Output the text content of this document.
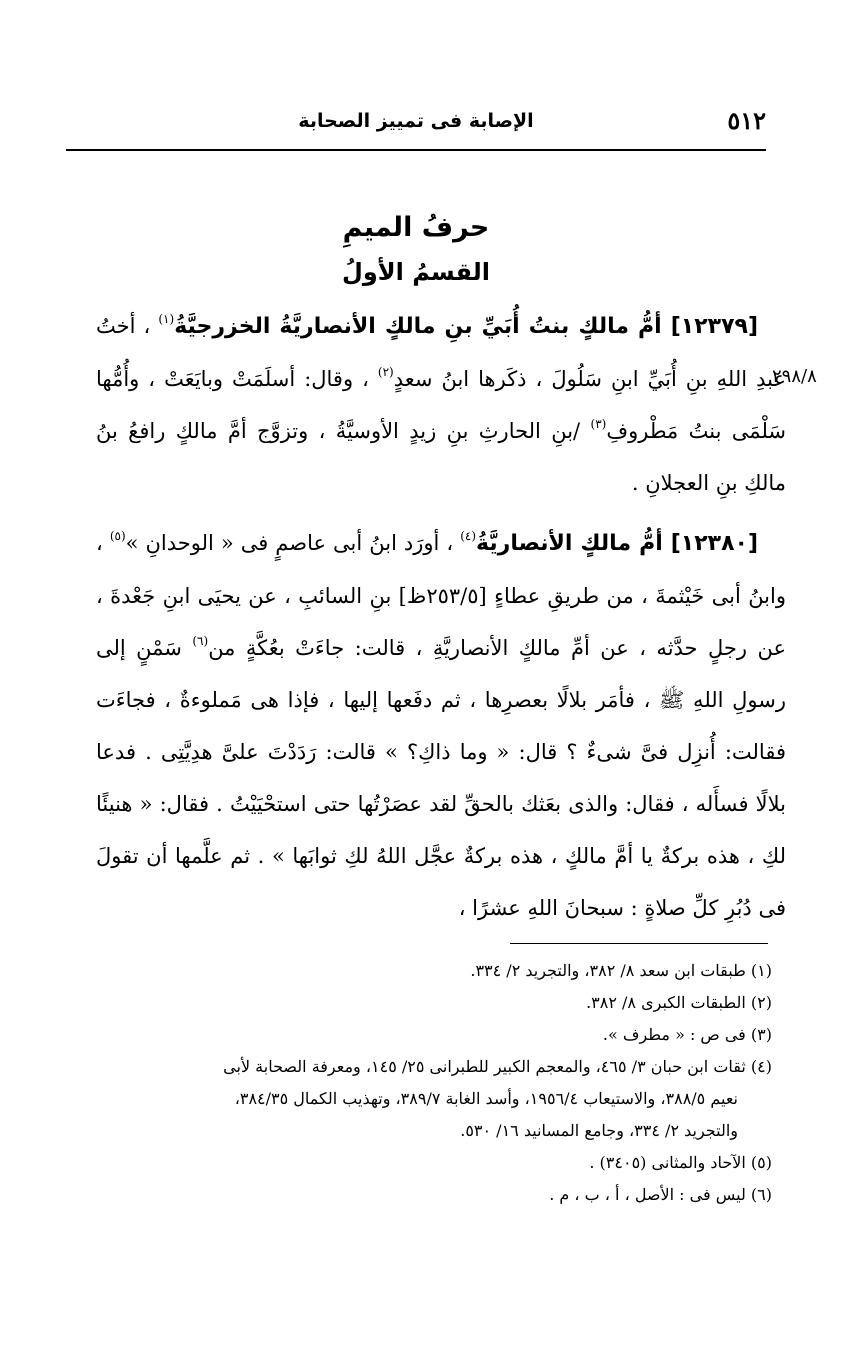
٥١٢
الإصابة فى تمييز الصحابة
حرفُ الميمِ
القسمُ الأولُ
٢٩٨/٨

[١٢٣٧٩] أمُّ مالكٍ بنتُ أُبَيِّ بنِ مالكٍ الأنصاريَّةُ الخزرجيَّةُ$^{(١)}$ ، أختُ عبدِ اللهِ بنِ أُبَيِّ ابنِ سَلُولَ ، ذكَرها ابنُ سعدٍ$^{(٢)}$ ، وقال: أسلَمَتْ وبايَعَتْ ، وأُمُّها سَلْمَى بنتُ مَطْروفِ$^{(٣)}$ /بنِ الحارثِ بنِ زيدٍ الأوسيَّةُ ، وتزوَّج أمَّ مالكٍ رافعُ بنُ مالكِ بنِ العجلانِ .

[١٢٣٨٠] أمُّ مالكٍ الأنصاريَّةُ$^{(٤)}$ ، أورَد ابنُ أبى عاصمٍ فى « الوحدانِ »$^{(٥)}$ ، وابنُ أبى خَيْثمةَ ، من طريقِ عطاءٍ [٢٥٣/٥ظ] بنِ السائبِ ، عن يحيَى ابنِ جَعْدةَ ، عن رجلٍ حدَّثه ، عن أمِّ مالكٍ الأنصاريَّةِ ، قالت: جاءَتْ بعُكَّةٍ من$^{(٦)}$ سَمْنٍ إلى رسولِ اللهِ ﷺ ، فأمَر بلالًا بعصرِها ، ثم دفَعها إليها ، فإذا هى مَملوءةٌ ، فجاءَت فقالت: أُنزِل فىَّ شىءٌ ؟ قال: « وما ذاكِ؟ » قالت: رَدَدْتَ علىَّ هدِيَّتِى . فدعا بلالًا فسأَله ، فقال: والذى بعَثك بالحقِّ لقد عصَرْتُها حتى استحْيَيْتُ . فقال: « هنيئًا لكِ ، هذه بركةٌ يا أمَّ مالكٍ ، هذه بركةٌ عجَّل اللهُ لكِ ثوابَها » . ثم علَّمها أن تقولَ فى دُبُرِ كلِّ صلاةٍ : سبحانَ اللهِ عشرًا ،

(١) طبقات ابن سعد ٨/ ٣٨٢، والتجريد ٢/ ٣٣٤.
(٢) الطبقات الكبرى ٨/ ٣٨٢.
(٣) فى ص : « مطرف ».
(٤) ثقات ابن حبان ٣/ ٤٦٥، والمعجم الكبير للطبرانى ٢٥/ ١٤٥، ومعرفة الصحابة لأبى
نعيم ٣٨٨/٥، والاستيعاب ١٩٥٦/٤، وأسد الغابة ٣٨٩/٧، وتهذيب الكمال ٣٨٤/٣٥،
والتجريد ٢/ ٣٣٤، وجامع المسانيد ١٦/ ٥٣٠.
(٥) الآحاد والمثانى (٣٤٠٥) .
(٦) ليس فى : الأصل ، أ ، ب ، م .
